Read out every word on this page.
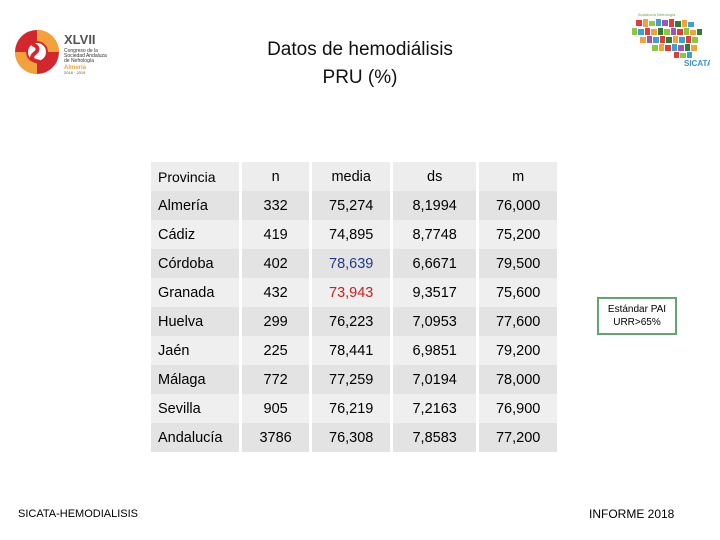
XLVII
Congreso de la
Sociedad Andaluza
de Nefrología
Almería
2018 · 2019
Andalucía Nefrología
SICATA
Datos de hemodiálisis
PRU (%)
Provincia	n	media	ds	m
Almería	332	75,274	8,1994	76,000
Cádiz	419	74,895	8,7748	75,200
Córdoba	402	78,639	6,6671	79,500
Granada	432	73,943	9,3517	75,600
Huelva	299	76,223	7,0953	77,600
Jaén	225	78,441	6,9851	79,200
Málaga	772	77,259	7,0194	78,000
Sevilla	905	76,219	7,2163	76,900
Andalucía	3786	76,308	7,8583	77,200
Estándar PAI
URR>65%
SICATA-HEMODIALISIS	INFORME 2018
